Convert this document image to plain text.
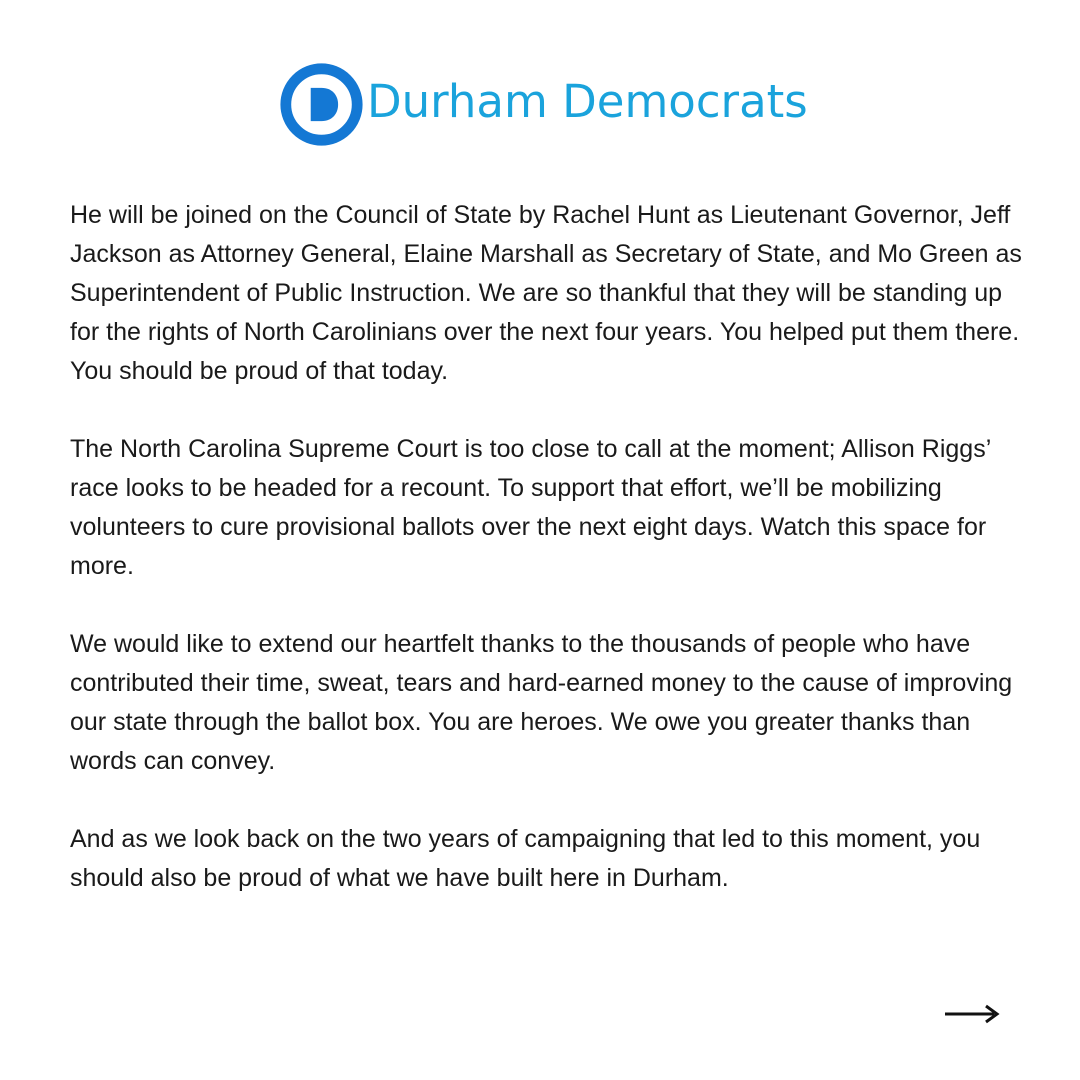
Durham Democrats

He will be joined on the Council of State by Rachel Hunt as Lieutenant Governor, Jeff Jackson as Attorney General, Elaine Marshall as Secretary of State, and Mo Green as Superintendent of Public Instruction. We are so thankful that they will be standing up for the rights of North Carolinians over the next four years. You helped put them there. You should be proud of that today.

The North Carolina Supreme Court is too close to call at the moment; Allison Riggs’ race looks to be headed for a recount. To support that effort, we’ll be mobilizing volunteers to cure provisional ballots over the next eight days. Watch this space for more.

We would like to extend our heartfelt thanks to the thousands of people who have contributed their time, sweat, tears and hard-earned money to the cause of improving our state through the ballot box. You are heroes. We owe you greater thanks than words can convey.

And as we look back on the two years of campaigning that led to this moment, you should also be proud of what we have built here in Durham.
